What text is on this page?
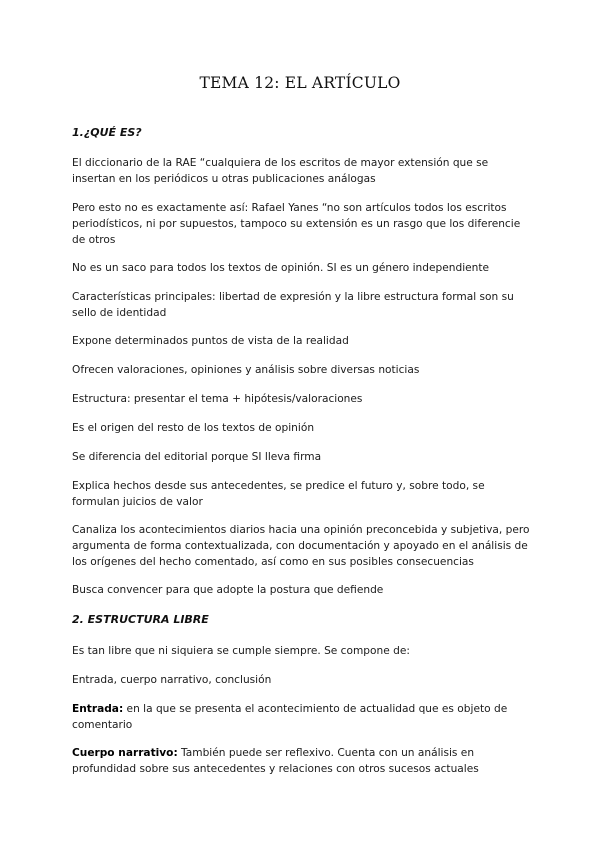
TEMA 12: EL ARTÍCULO
1.¿QUÉ ES?
El diccionario de la RAE “cualquiera de los escritos de mayor extensión que se insertan en los periódicos u otras publicaciones análogas
Pero esto no es exactamente así: Rafael Yanes “no son artículos todos los escritos periodísticos, ni por supuestos, tampoco su extensión es un rasgo que los diferencie de otros
No es un saco para todos los textos de opinión. SI es un género independiente
Características principales: libertad de expresión y la libre estructura formal son su sello de identidad
Expone determinados puntos de vista de la realidad
Ofrecen valoraciones, opiniones y análisis sobre diversas noticias
Estructura: presentar el tema + hipótesis/valoraciones
Es el origen del resto de los textos de opinión
Se diferencia del editorial porque SI lleva firma
Explica hechos desde sus antecedentes, se predice el futuro y, sobre todo, se formulan juicios de valor
Canaliza los acontecimientos diarios hacia una opinión preconcebida y subjetiva, pero argumenta de forma contextualizada, con documentación y apoyado en el análisis de los orígenes del hecho comentado, así como en sus posibles consecuencias
Busca convencer para que adopte la postura que defiende
2. ESTRUCTURA LIBRE
Es tan libre que ni siquiera se cumple siempre. Se compone de:
Entrada, cuerpo narrativo, conclusión
Entrada: en la que se presenta el acontecimiento de actualidad que es objeto de comentario
Cuerpo narrativo: También puede ser reflexivo. Cuenta con un análisis en profundidad sobre sus antecedentes y relaciones con otros sucesos actuales
